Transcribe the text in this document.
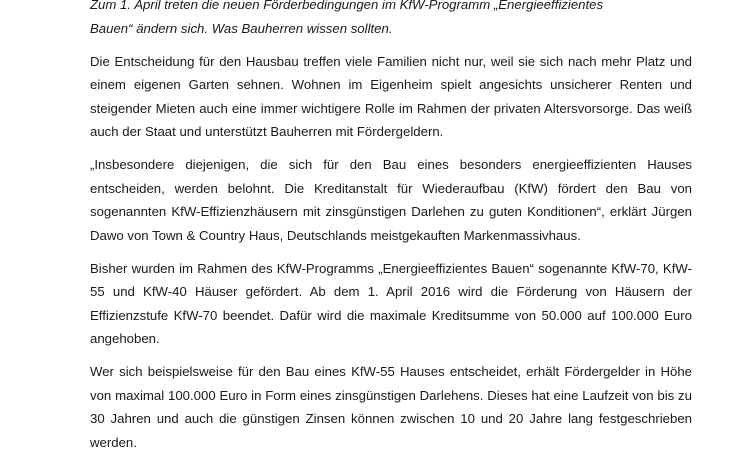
Zum 1. April treten die neuen Förderbedingungen im KfW-Programm „Energieeffizientes
Bauen“ ändern sich. Was Bauherren wissen sollten.

Die Entscheidung für den Hausbau treffen viele Familien nicht nur, weil sie sich nach mehr Platz und einem eigenen Garten sehnen. Wohnen im Eigenheim spielt angesichts unsicherer Renten und steigender Mieten auch eine immer wichtigere Rolle im Rahmen der privaten Altersvorsorge. Das weiß auch der Staat und unterstützt Bauherren mit Fördergeldern.

„Insbesondere diejenigen, die sich für den Bau eines besonders energieeffizienten Hauses entscheiden, werden belohnt. Die Kreditanstalt für Wiederaufbau (KfW) fördert den Bau von sogenannten KfW-Effizienzhäusern mit zinsgünstigen Darlehen zu guten Konditionen“, erklärt Jürgen Dawo von Town & Country Haus, Deutschlands meistgekauften Markenmassivhaus.

Bisher wurden im Rahmen des KfW-Programms „Energieeffizientes Bauen“ sogenannte KfW-70, KfW-55 und KfW-40 Häuser gefördert. Ab dem 1. April 2016 wird die Förderung von Häusern der Effizienzstufe KfW-70 beendet. Dafür wird die maximale Kreditsumme von 50.000 auf 100.000 Euro angehoben.

Wer sich beispielsweise für den Bau eines KfW-55 Hauses entscheidet, erhält Fördergelder in Höhe von maximal 100.000 Euro in Form eines zinsgünstigen Darlehens. Dieses hat eine Laufzeit von bis zu 30 Jahren und auch die günstigen Zinsen können zwischen 10 und 20 Jahre lang festgeschrieben werden.
